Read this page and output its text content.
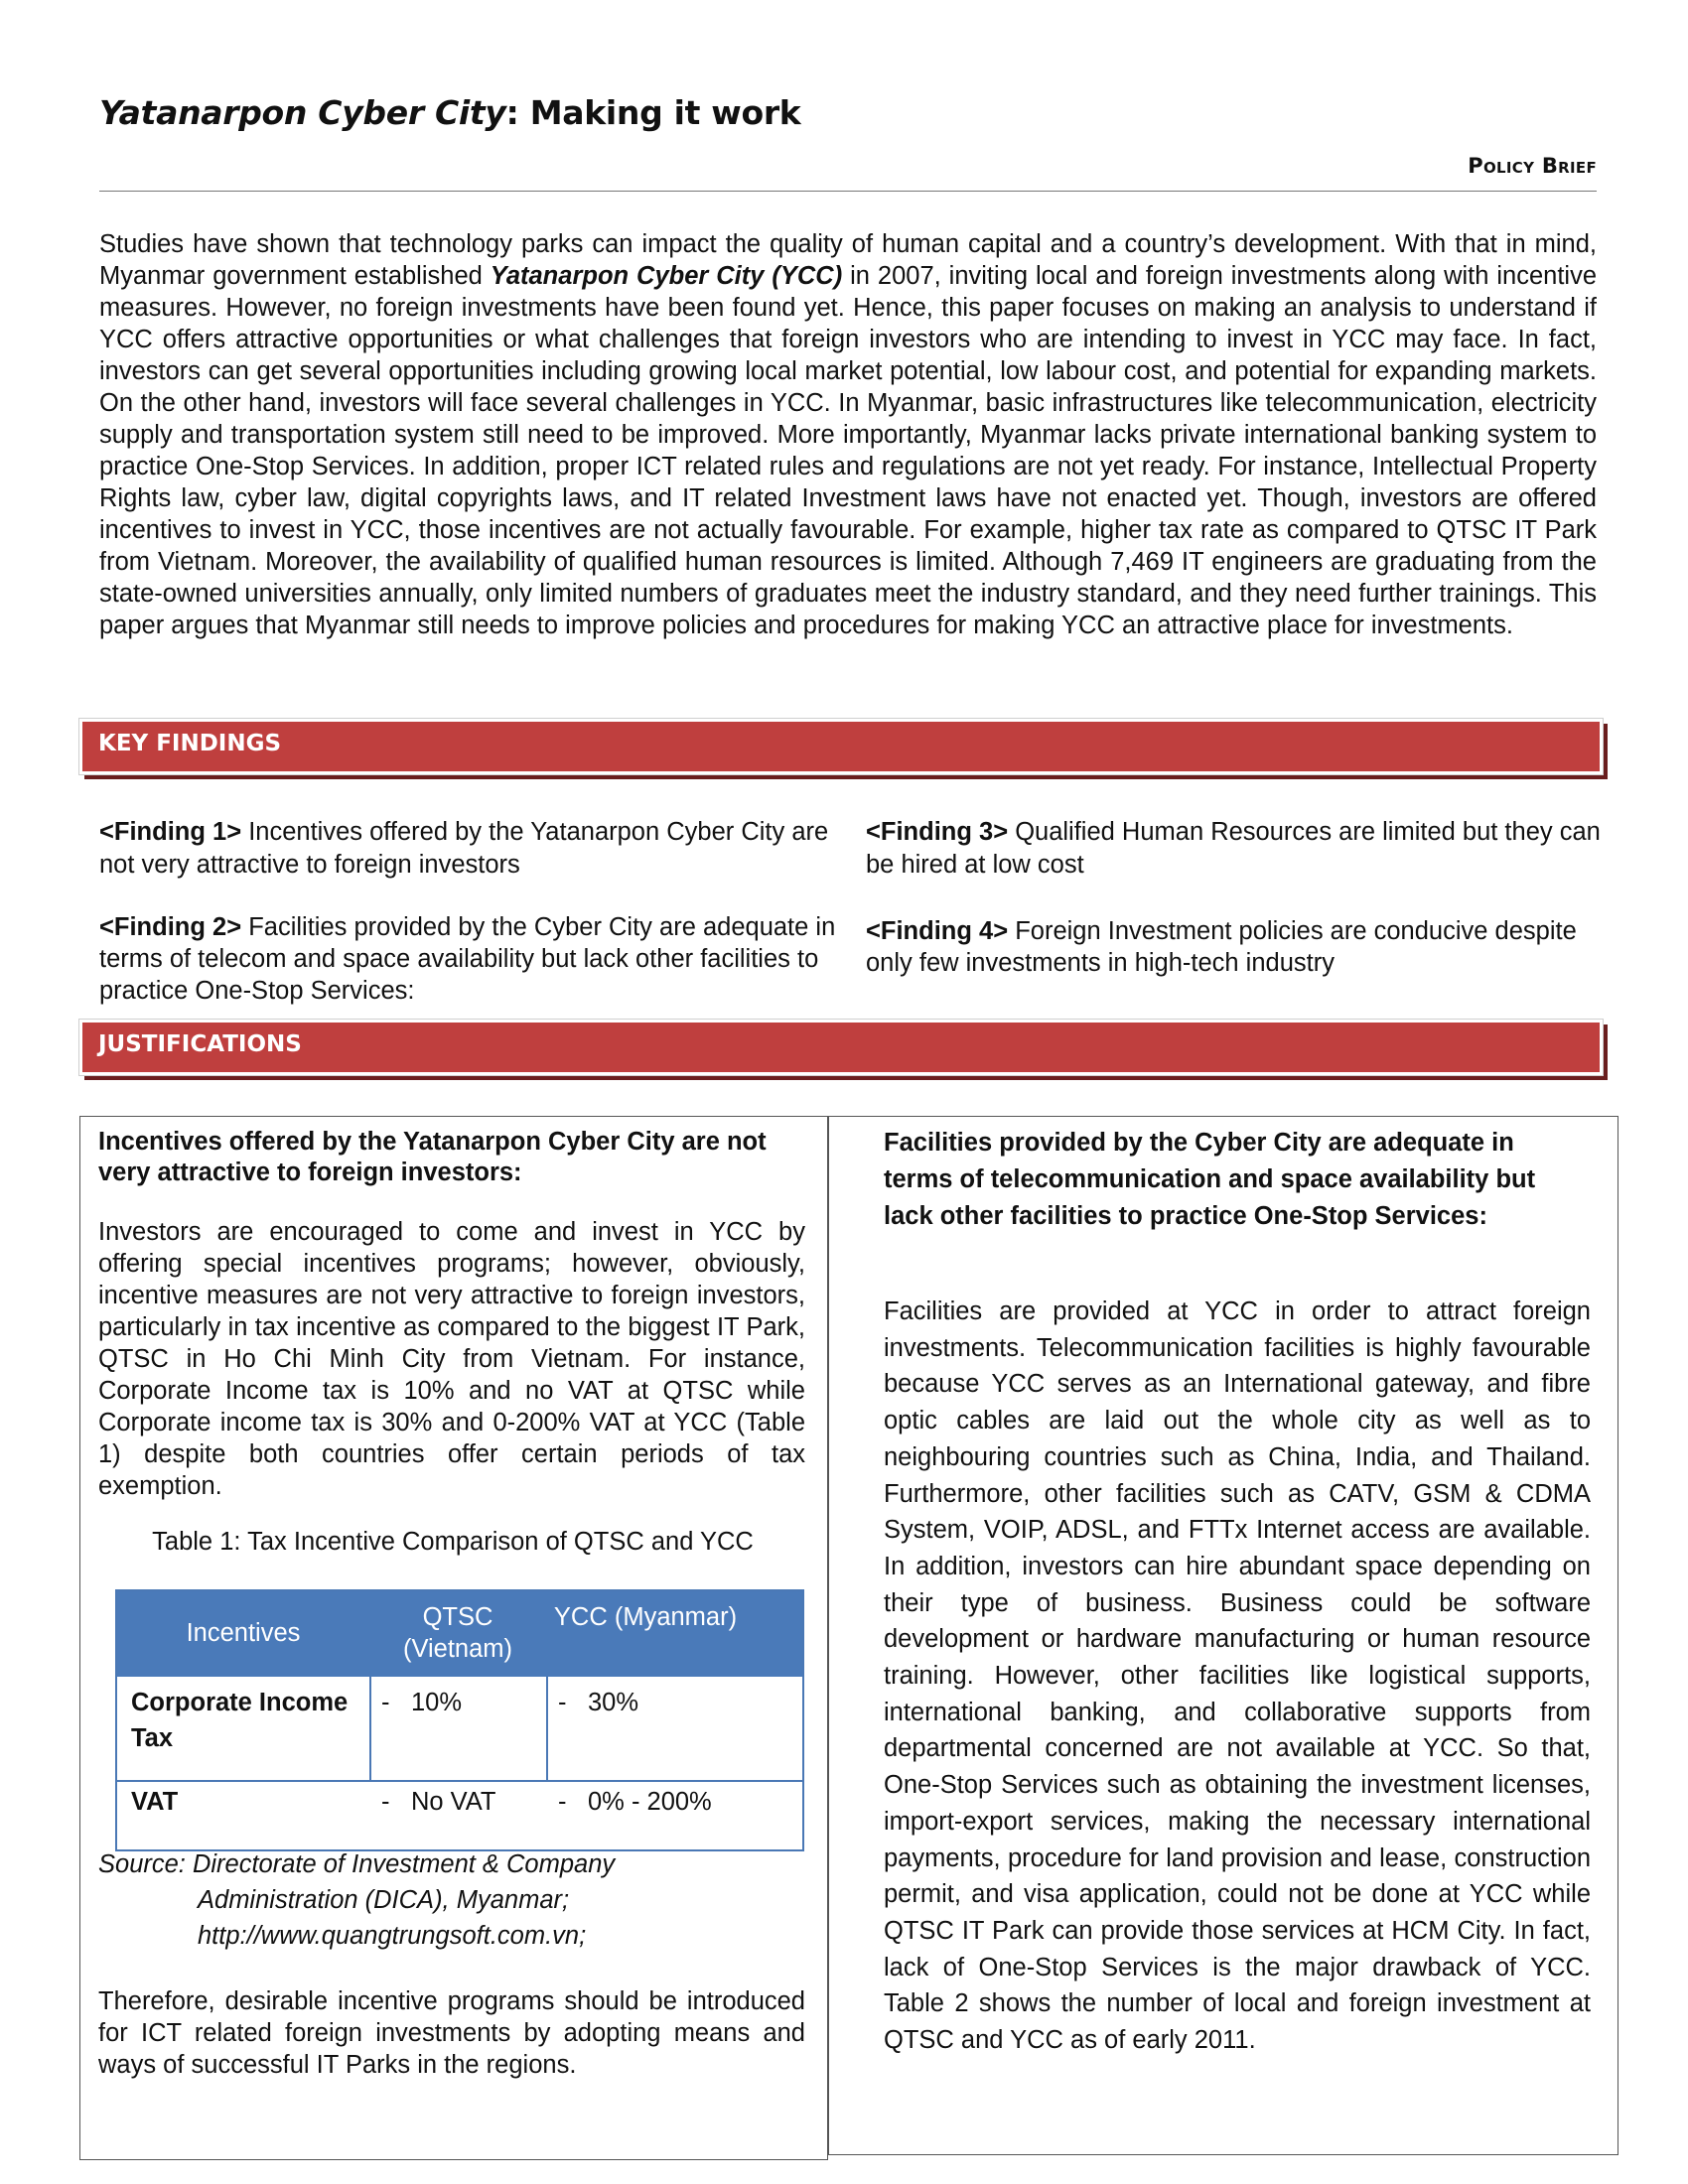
Yatanarpon Cyber City: Making it work
Policy Brief

Studies have shown that technology parks can impact the quality of human capital and a country’s development. With that in mind, Myanmar government established Yatanarpon Cyber City (YCC) in 2007, inviting local and foreign investments along with incentive measures. However, no foreign investments have been found yet. Hence, this paper focuses on making an analysis to understand if YCC offers attractive opportunities or what challenges that foreign investors who are intending to invest in YCC may face. In fact, investors can get several opportunities including growing local market potential, low labour cost, and potential for expanding markets. On the other hand, investors will face several challenges in YCC. In Myanmar, basic infrastructures like telecommunication, electricity supply and transportation system still need to be improved. More importantly, Myanmar lacks private international banking system to practice One-Stop Services. In addition, proper ICT related rules and regulations are not yet ready. For instance, Intellectual Property Rights law, cyber law, digital copyrights laws, and IT related Investment laws have not enacted yet. Though, investors are offered incentives to invest in YCC, those incentives are not actually favourable. For example, higher tax rate as compared to QTSC IT Park from Vietnam. Moreover, the availability of qualified human resources is limited. Although 7,469 IT engineers are graduating from the state-owned universities annually, only limited numbers of graduates meet the industry standard, and they need further trainings. This paper argues that Myanmar still needs to improve policies and procedures for making YCC an attractive place for investments.

KEY FINDINGS

<Finding 1> Incentives offered by the Yatanarpon Cyber City are not very attractive to foreign investors

<Finding 2> Facilities provided by the Cyber City are adequate in terms of telecom and space availability but lack other facilities to practice One-Stop Services:

<Finding 3> Qualified Human Resources are limited but they can be hired at low cost

<Finding 4> Foreign Investment policies are conducive despite only few investments in high-tech industry

JUSTIFICATIONS

Incentives offered by the Yatanarpon Cyber City are not very attractive to foreign investors:

Investors are encouraged to come and invest in YCC by offering special incentives programs; however, obviously, incentive measures are not very attractive to foreign investors, particularly in tax incentive as compared to the biggest IT Park, QTSC in Ho Chi Minh City from Vietnam. For instance, Corporate Income tax is 10% and no VAT at QTSC while Corporate income tax is 30% and 0-200% VAT at YCC (Table 1) despite both countries offer certain periods of tax exemption.

Table 1: Tax Incentive Comparison of QTSC and YCC

Incentives
QTSC (Vietnam)
YCC (Myanmar)
Corporate Income Tax
- 10%	- 30%
VAT	- No VAT - 0% - 200%

Source: Directorate of Investment & Company
Administration (DICA), Myanmar;
http://www.quangtrungsoft.com.vn;

Therefore, desirable incentive programs should be introduced for ICT related foreign investments by adopting means and ways of successful IT Parks in the regions.

Facilities provided by the Cyber City are adequate in terms of telecommunication and space availability but lack other facilities to practice One-Stop Services:

Facilities are provided at YCC in order to attract foreign investments. Telecommunication facilities is highly favourable because YCC serves as an International gateway, and fibre optic cables are laid out the whole city as well as to neighbouring countries such as China, India, and Thailand. Furthermore, other facilities such as CATV, GSM & CDMA System, VOIP, ADSL, and FTTx Internet access are available. In addition, investors can hire abundant space depending on their type of business. Business could be software development or hardware manufacturing or human resource training. However, other facilities like logistical supports, international banking, and collaborative supports from departmental concerned are not available at YCC. So that, One-Stop Services such as obtaining the investment licenses, import-export services, making the necessary international payments, procedure for land provision and lease, construction permit, and visa application, could not be done at YCC while QTSC IT Park can provide those services at HCM City. In fact, lack of One-Stop Services is the major drawback of YCC. Table 2 shows the number of local and foreign investment at QTSC and YCC as of early 2011.
